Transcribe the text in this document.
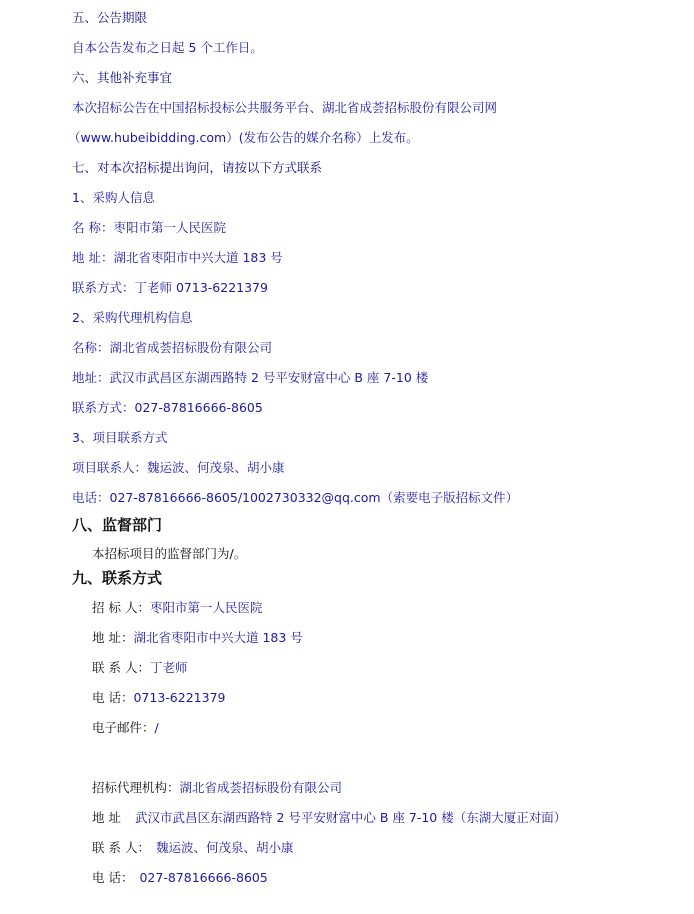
五、公告期限
自本公告发布之日起 5 个工作日。
六、其他补充事宜
本次招标公告在中国招标投标公共服务平台、湖北省成荟招标股份有限公司网
（www.hubeibidding.com）(发布公告的媒介名称）上发布。
七、对本次招标提出询问，请按以下方式联系
1、采购人信息
名 称：枣阳市第一人民医院
地 址：湖北省枣阳市中兴大道 183 号
联系方式：丁老师 0713-6221379
2、采购代理机构信息
名称：湖北省成荟招标股份有限公司
地址：武汉市武昌区东湖西路特 2 号平安财富中心 B 座 7-10 楼
联系方式：027-87816666-8605
3、项目联系方式
项目联系人：魏运波、何茂泉、胡小康
电话：027-87816666-8605/1002730332@qq.com（索要电子版招标文件）
八、监督部门
本招标项目的监督部门为/。
九、联系方式
招 标 人：枣阳市第一人民医院
地 址：湖北省枣阳市中兴大道 183 号
联 系 人：丁老师
电 话：0713-6221379
电子邮件：/
招标代理机构：湖北省成荟招标股份有限公司
地 址 武汉市武昌区东湖西路特 2 号平安财富中心 B 座 7-10 楼（东湖大厦正对面）
联 系 人： 魏运波、何茂泉、胡小康
电 话： 027-87816666-8605
